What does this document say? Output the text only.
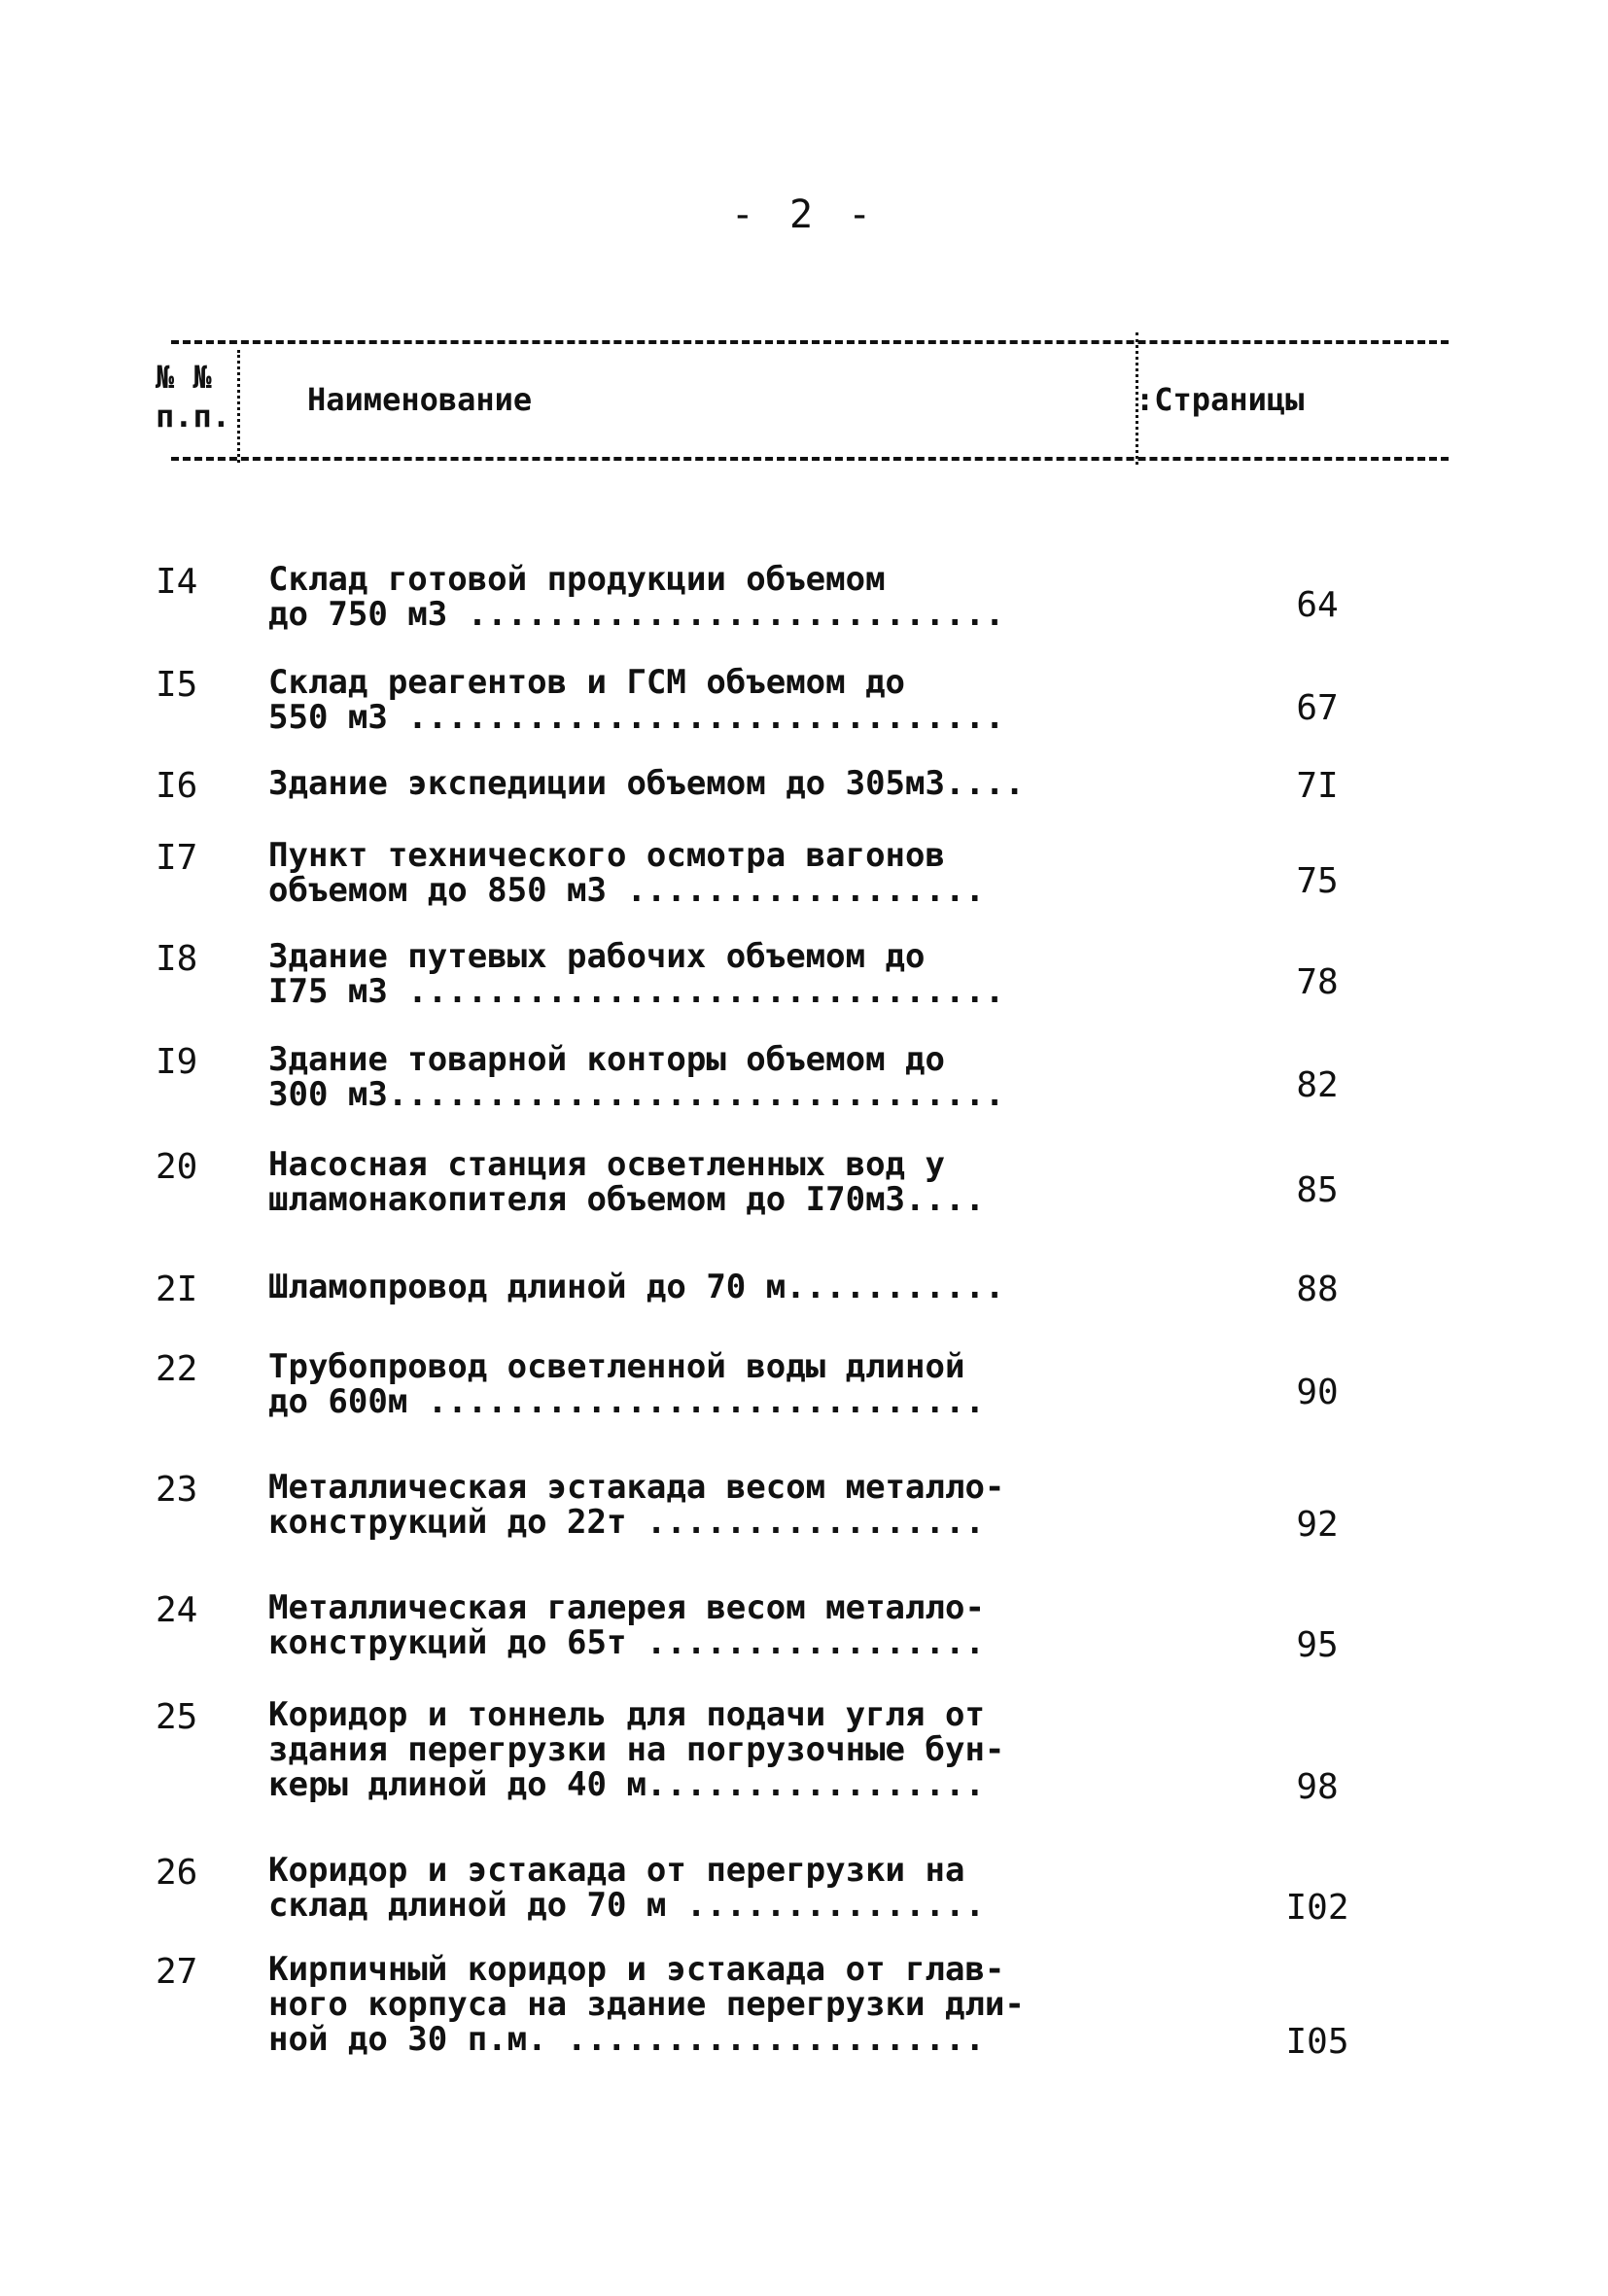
- 2 -
№ №
п.п. Наименование	:Страницы
I4 Склад готовой продукции объемом
до 750 м3 ...........................	64
I5 Склад реагентов и ГСМ объемом до
550 м3 ..............................	67
I6 Здание экспедиции объемом до 305м3....	7I
I7 Пункт технического осмотра вагонов
объемом до 850 м3 ..................	75
I8 Здание путевых рабочих объемом до
I75 м3 ..............................	78
I9 Здание товарной конторы объемом до
300 м3...............................	82
20 Насосная станция осветленных вод у
шламонакопителя объемом до I70м3....	85
2I Шламопровод длиной до 70 м...........	88
22 Трубопровод осветленной воды длиной
до 600м ............................	90
23 Металлическая эстакада весом металло-
конструкций до 22т .................	92
24 Металлическая галерея весом металло-
конструкций до 65т .................	95
25 Коридор и тоннель для подачи угля от
здания перегрузки на погрузочные бун-
керы длиной до 40 м.................	98
26 Коридор и эстакада от перегрузки на
склад длиной до 70 м ...............	I02
27 Кирпичный коридор и эстакада от глав-
ного корпуса на здание перегрузки дли-
ной до 30 п.м. .....................	I05
